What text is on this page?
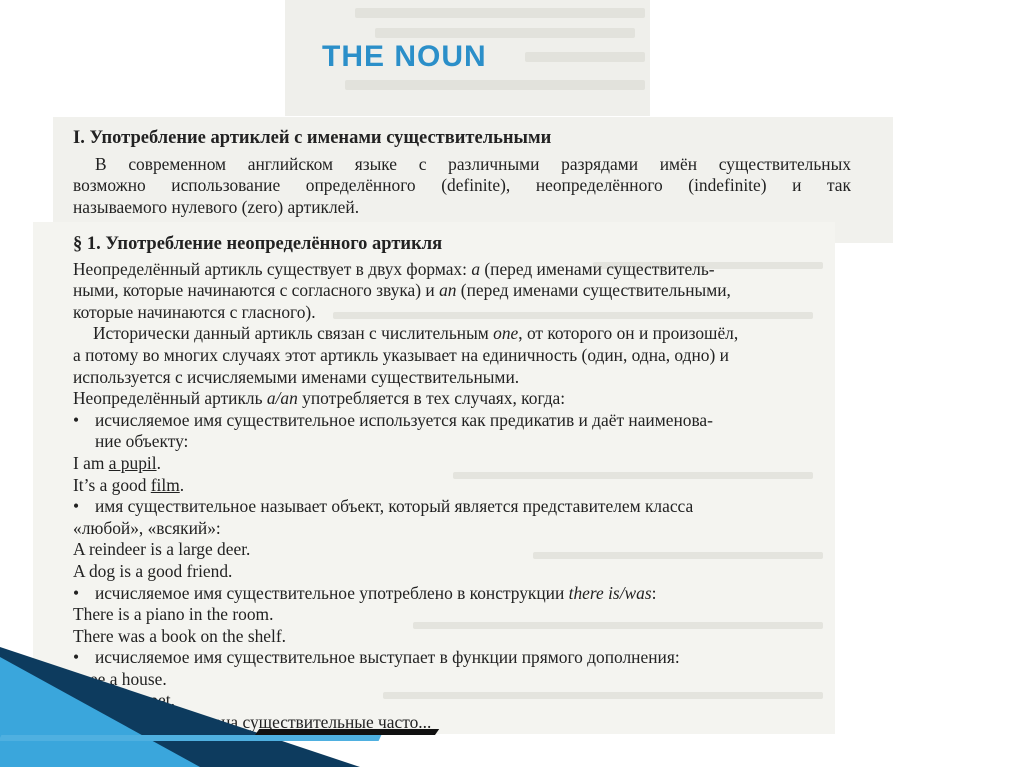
THE NOUN
I. Употребление артиклей с именами существительными
В современном английском языке с различными разрядами имён существительных
возможно использование определённого (definite), неопределённого (indefinite) и так
называемого нулевого (zero) артиклей.
§ 1. Употребление неопределённого артикля
Неопределённый артикль существует в двух формах: a (перед именами существитель-
ными, которые начинаются с согласного звука) и an (перед именами существительными,
которые начинаются с гласного).
Исторически данный артикль связан с числительным one, от которого он и произошёл,
а потому во многих случаях этот артикль указывает на единичность (один, одна, одно) и
используется с исчисляемыми именами существительными.
Неопределённый артикль a/an употребляется в тех случаях, когда:
• исчисляемое имя существительное используется как предикатив и даёт наименова-
ние объекту:
I am a pupil.
It’s a good film.
• имя существительное называет объект, который является представителем класса
«любой», «всякий»:
A reindeer is a large deer.
A dog is a good friend.
• исчисляемое имя существительное употреблено в конструкции there is/was:
There is a piano in the room.
There was a book on the shelf.
• исчисляемое имя существительное выступает в функции прямого дополнения:
I see a house.
We have a pet.
